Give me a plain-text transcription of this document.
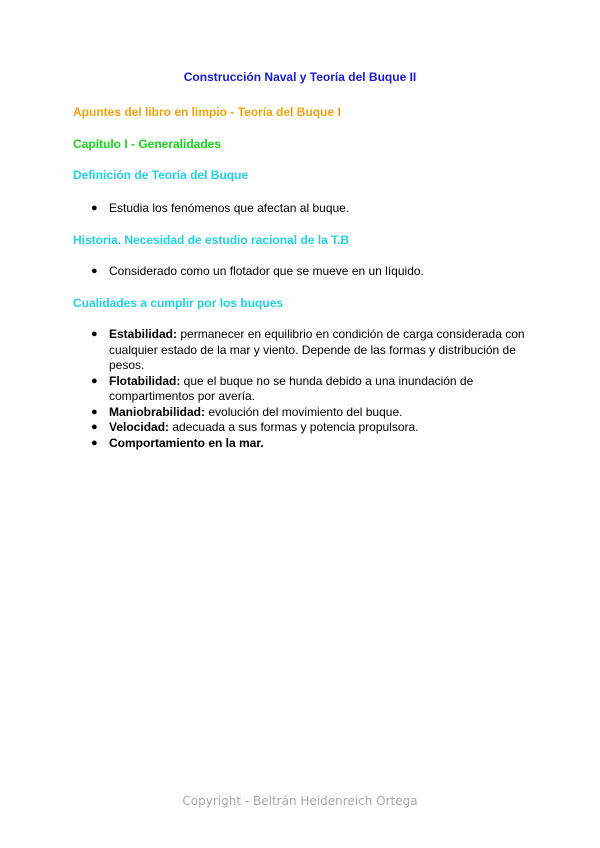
Construcción Naval y Teoría del Buque II
Apuntes del libro en limpio - Teoría del Buque I
Capítulo I - Generalidades
Definición de Teoría del Buque
● Estudia los fenómenos que afectan al buque.
Historia. Necesidad de estudio racional de la T.B
● Considerado como un flotador que se mueve en un líquido.
Cualidades a cumplir por los buques
● Estabilidad: permanecer en equilibrio en condición de carga considerada con cualquier estado de la mar y viento. Depende de las formas y distribución de pesos.
● Flotabilidad: que el buque no se hunda debido a una inundación de compartimentos por avería.
● Maniobrabilidad: evolución del movimiento del buque.
● Velocidad: adecuada a sus formas y potencia propulsora.
● Comportamiento en la mar.
Copyright - Beltrán Heidenreich Ortega
